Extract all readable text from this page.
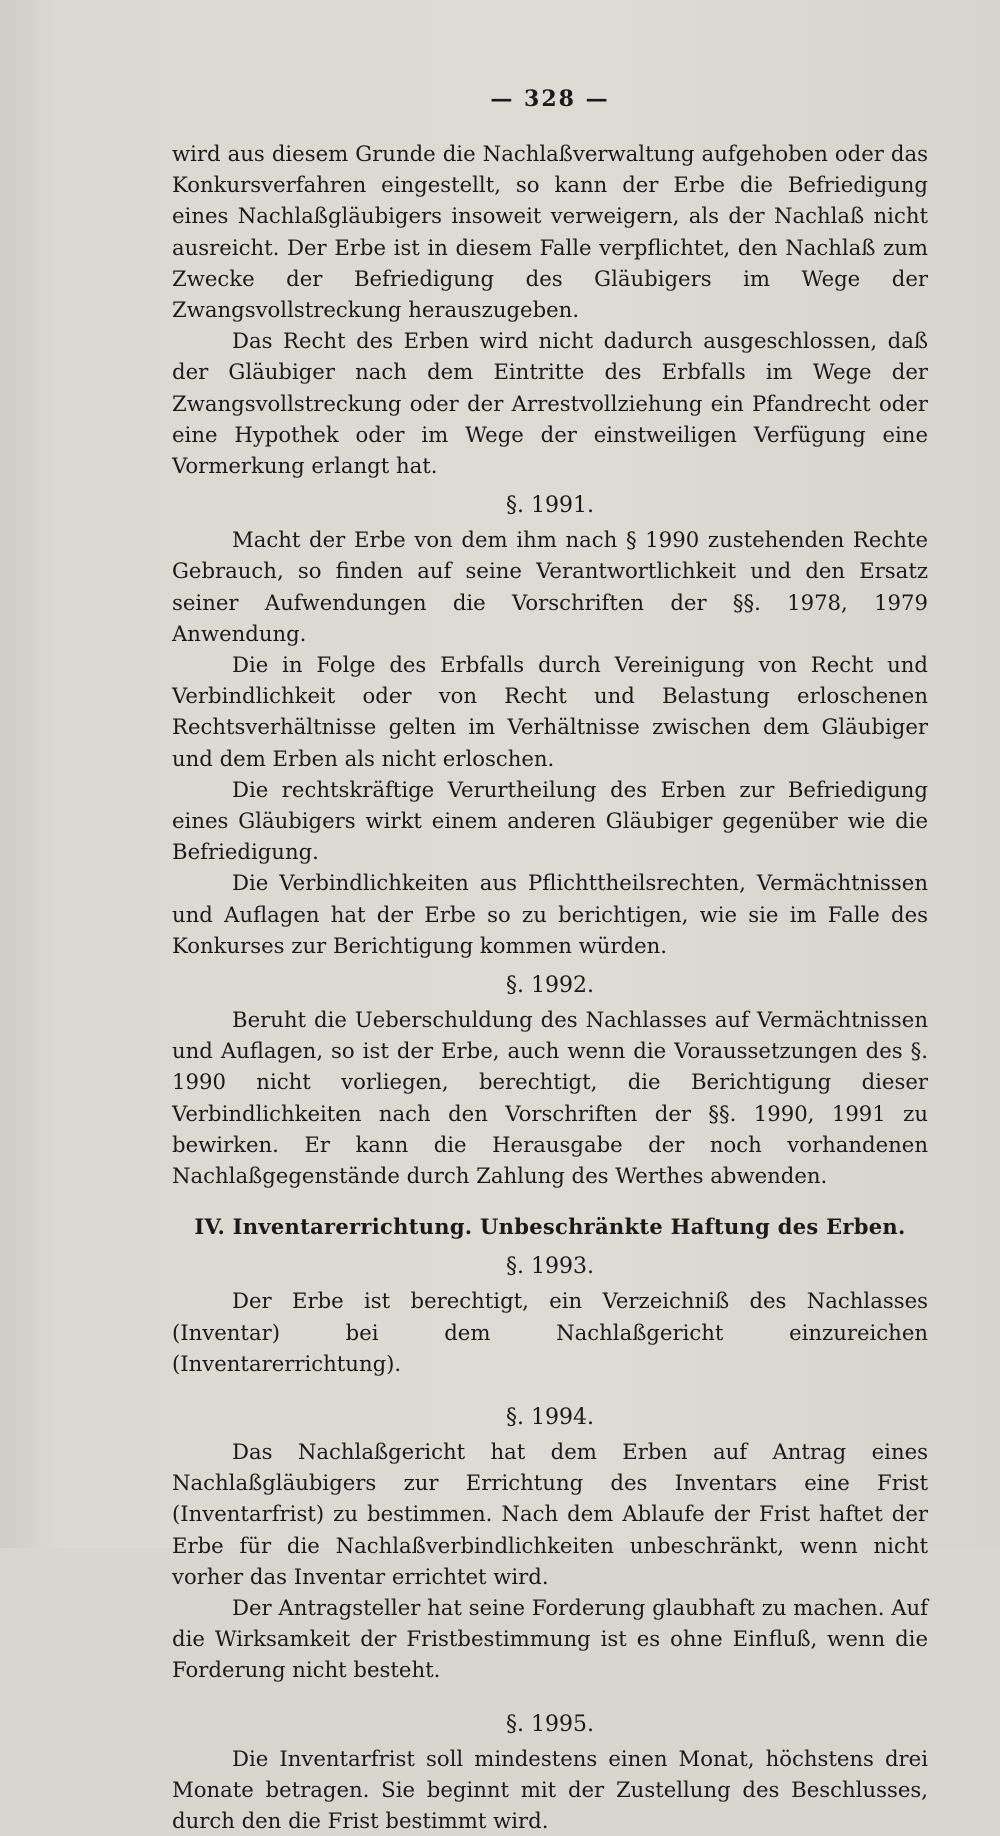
— 328 —

wird aus diesem Grunde die Nachlaßverwaltung aufgehoben oder das Konkursverfahren eingestellt, so kann der Erbe die Befriedigung eines Nachlaßgläubigers insoweit verweigern, als der Nachlaß nicht ausreicht. Der Erbe ist in diesem Falle verpflichtet, den Nachlaß zum Zwecke der Befriedigung des Gläubigers im Wege der Zwangsvollstreckung herauszugeben.

Das Recht des Erben wird nicht dadurch ausgeschlossen, daß der Gläubiger nach dem Eintritte des Erbfalls im Wege der Zwangsvollstreckung oder der Arrestvollziehung ein Pfandrecht oder eine Hypothek oder im Wege der einstweiligen Verfügung eine Vormerkung erlangt hat.

§. 1991.

Macht der Erbe von dem ihm nach § 1990 zustehenden Rechte Gebrauch, so finden auf seine Verantwortlichkeit und den Ersatz seiner Aufwendungen die Vorschriften der §§. 1978, 1979 Anwendung.

Die in Folge des Erbfalls durch Vereinigung von Recht und Verbindlichkeit oder von Recht und Belastung erloschenen Rechtsverhältnisse gelten im Verhältnisse zwischen dem Gläubiger und dem Erben als nicht erloschen.

Die rechtskräftige Verurtheilung des Erben zur Befriedigung eines Gläubigers wirkt einem anderen Gläubiger gegenüber wie die Befriedigung.

Die Verbindlichkeiten aus Pflichttheilsrechten, Vermächtnissen und Auflagen hat der Erbe so zu berichtigen, wie sie im Falle des Konkurses zur Berichtigung kommen würden.

§. 1992.

Beruht die Ueberschuldung des Nachlasses auf Vermächtnissen und Auflagen, so ist der Erbe, auch wenn die Voraussetzungen des §. 1990 nicht vorliegen, berechtigt, die Berichtigung dieser Verbindlichkeiten nach den Vorschriften der §§. 1990, 1991 zu bewirken. Er kann die Herausgabe der noch vorhandenen Nachlaßgegenstände durch Zahlung des Werthes abwenden.

IV. Inventarerrichtung. Unbeschränkte Haftung des Erben.
§. 1993.

Der Erbe ist berechtigt, ein Verzeichniß des Nachlasses (Inventar) bei dem Nachlaßgericht einzureichen (Inventarerrichtung).

§. 1994.

Das Nachlaßgericht hat dem Erben auf Antrag eines Nachlaßgläubigers zur Errichtung des Inventars eine Frist (Inventarfrist) zu bestimmen. Nach dem Ablaufe der Frist haftet der Erbe für die Nachlaßverbindlichkeiten unbeschränkt, wenn nicht vorher das Inventar errichtet wird.

Der Antragsteller hat seine Forderung glaubhaft zu machen. Auf die Wirksamkeit der Fristbestimmung ist es ohne Einfluß, wenn die Forderung nicht besteht.

§. 1995.

Die Inventarfrist soll mindestens einen Monat, höchstens drei Monate betragen. Sie beginnt mit der Zustellung des Beschlusses, durch den die Frist bestimmt wird.
